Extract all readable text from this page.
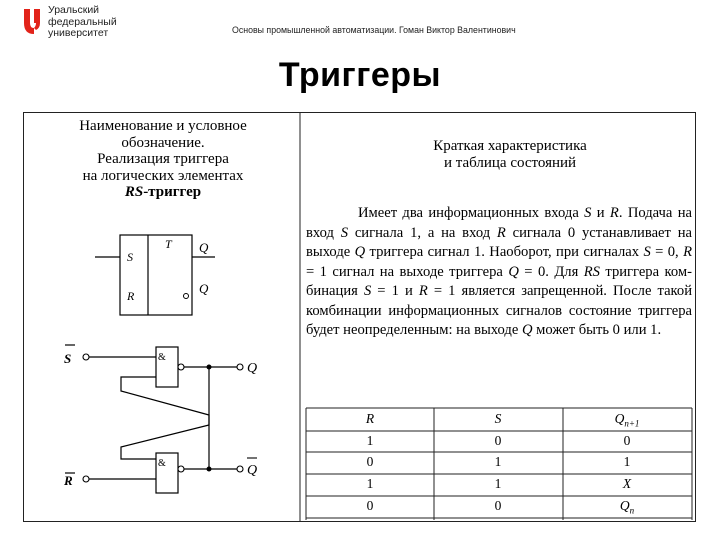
Уральский
федеральный
университет	Основы промышленной автоматизации. Гоман Виктор Валентинович
Триггеры
Наименование и условное
обозначение.
Реализация триггера
на логических элементах
RS-триггер
T
S
R
Q
Q
S	&
Q
R
&	Q
Краткая характеристика
и таблица состояний

Имеет два информационных входа S и R. Подача на вход S сигнала 1, а на вход R сигнала 0 устанавливает на выходе Q триггера сигнал 1. Наоборот, при сигналах S = 0, R = 1 сигнал на выходе триггера Q = 0. Для RS триггера комбинация S = 1 и R = 1 является запрещенной. После такой комбинации информационных сигналов состояние триггера будет неопределенным: на выходе Q может быть 0 или 1.

R	S	$Q_{n+1}$
1	0	0
0	1	1
1	1	X
0	0	$Q_n$
